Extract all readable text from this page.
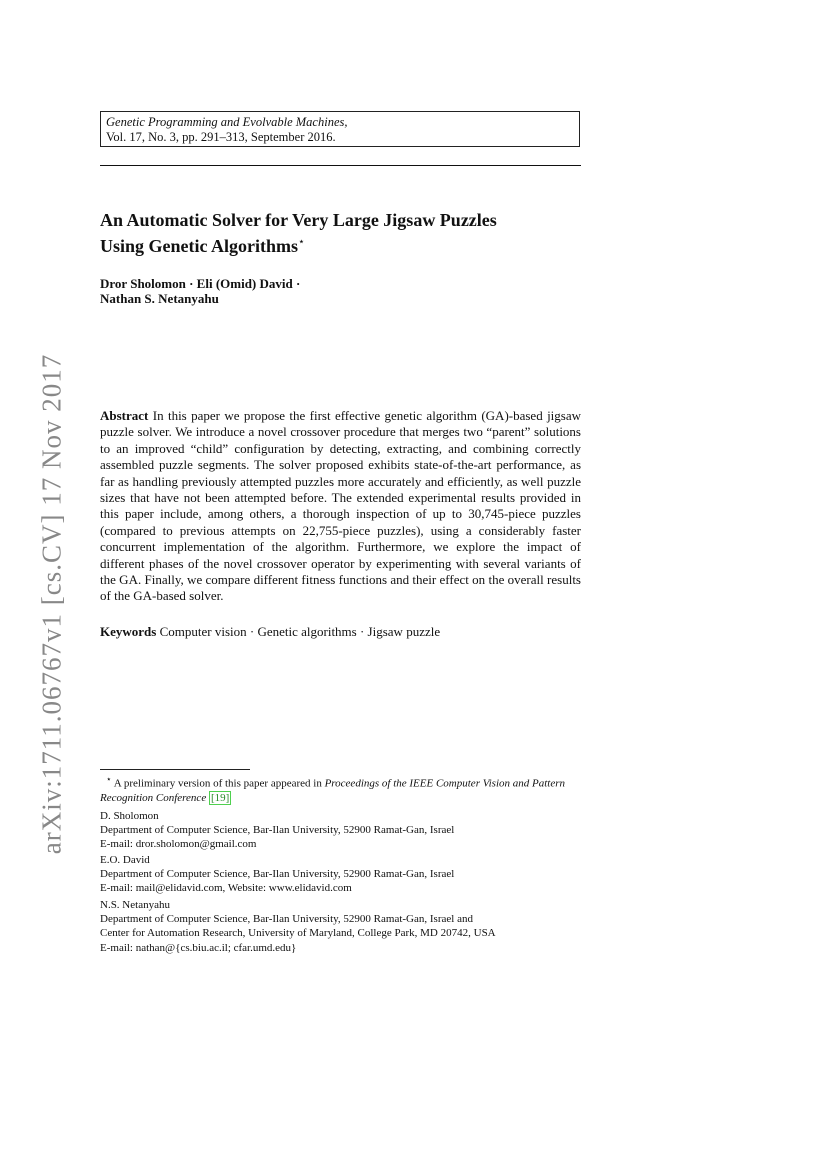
arXiv:1711.06767v1 [cs.CV] 17 Nov 2017
Genetic Programming and Evolvable Machines,
Vol. 17, No. 3, pp. 291–313, September 2016.
An Automatic Solver for Very Large Jigsaw Puzzles
Using Genetic Algorithms⋆
Dror Sholomon · Eli (Omid) David ·
Nathan S. Netanyahu
Abstract In this paper we propose the first effective genetic algorithm (GA)-based jigsaw puzzle solver. We introduce a novel crossover procedure that merges two “parent” solutions to an improved “child” configuration by detecting, extracting, and combining correctly assembled puzzle segments. The solver proposed exhibits state-of-the-art performance, as far as handling previously attempted puzzles more accurately and efficiently, as well puzzle sizes that have not been attempted before. The extended experimental results provided in this paper include, among others, a thorough inspection of up to 30,745-piece puzzles (compared to previous attempts on 22,755-piece puzzles), using a considerably faster concurrent implementation of the algorithm. Furthermore, we explore the impact of different phases of the novel crossover operator by experimenting with several variants of the GA. Finally, we compare different fitness functions and their effect on the overall results of the GA-based solver.
Keywords Computer vision · Genetic algorithms · Jigsaw puzzle
⋆ A preliminary version of this paper appeared in Proceedings of the IEEE Computer Vision and Pattern Recognition Conference [19]
D. Sholomon
Department of Computer Science, Bar-Ilan University, 52900 Ramat-Gan, Israel
E-mail: dror.sholomon@gmail.com
E.O. David
Department of Computer Science, Bar-Ilan University, 52900 Ramat-Gan, Israel
E-mail: mail@elidavid.com, Website: www.elidavid.com
N.S. Netanyahu
Department of Computer Science, Bar-Ilan University, 52900 Ramat-Gan, Israel and
Center for Automation Research, University of Maryland, College Park, MD 20742, USA
E-mail: nathan@{cs.biu.ac.il; cfar.umd.edu}
